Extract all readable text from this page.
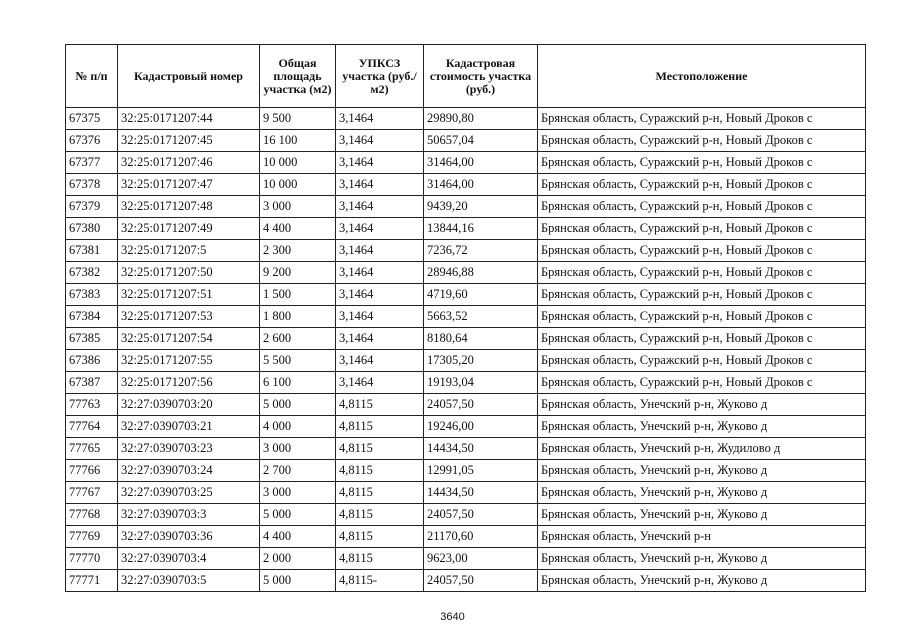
№ п/п	Кадастровый номер	Общая площадь участка (м2)	УПКСЗ участка (руб./м2)	Кадастровая стоимость участка (руб.)	Местоположение
67375	32:25:0171207:44	9 500	3,1464	29890,80	Брянская область, Суражский р-н, Новый Дроков с
67376	32:25:0171207:45	16 100	3,1464	50657,04	Брянская область, Суражский р-н, Новый Дроков с
67377	32:25:0171207:46	10 000	3,1464	31464,00	Брянская область, Суражский р-н, Новый Дроков с
67378	32:25:0171207:47	10 000	3,1464	31464,00	Брянская область, Суражский р-н, Новый Дроков с
67379	32:25:0171207:48	3 000	3,1464	9439,20	Брянская область, Суражский р-н, Новый Дроков с
67380	32:25:0171207:49	4 400	3,1464	13844,16	Брянская область, Суражский р-н, Новый Дроков с
67381	32:25:0171207:5	2 300	3,1464	7236,72	Брянская область, Суражский р-н, Новый Дроков с
67382	32:25:0171207:50	9 200	3,1464	28946,88	Брянская область, Суражский р-н, Новый Дроков с
67383	32:25:0171207:51	1 500	3,1464	4719,60	Брянская область, Суражский р-н, Новый Дроков с
67384	32:25:0171207:53	1 800	3,1464	5663,52	Брянская область, Суражский р-н, Новый Дроков с
67385	32:25:0171207:54	2 600	3,1464	8180,64	Брянская область, Суражский р-н, Новый Дроков с
67386	32:25:0171207:55	5 500	3,1464	17305,20	Брянская область, Суражский р-н, Новый Дроков с
67387	32:25:0171207:56	6 100	3,1464	19193,04	Брянская область, Суражский р-н, Новый Дроков с
77763	32:27:0390703:20	5 000	4,8115	24057,50	Брянская область, Унечский р-н, Жуково д
77764	32:27:0390703:21	4 000	4,8115	19246,00	Брянская область, Унечский р-н, Жуково д
77765	32:27:0390703:23	3 000	4,8115	14434,50	Брянская область, Унечский р-н, Жудилово д
77766	32:27:0390703:24	2 700	4,8115	12991,05	Брянская область, Унечский р-н, Жуково д
77767	32:27:0390703:25	3 000	4,8115	14434,50	Брянская область, Унечский р-н, Жуково д
77768	32:27:0390703:3	5 000	4,8115	24057,50	Брянская область, Унечский р-н, Жуково д
77769	32:27:0390703:36	4 400	4,8115	21170,60	Брянская область, Унечский р-н
77770	32:27:0390703:4	2 000	4,8115	9623,00	Брянская область, Унечский р-н, Жуково д
77771	32:27:0390703:5	5 000	4,8115-	24057,50	Брянская область, Унечский р-н, Жуково д
3640
